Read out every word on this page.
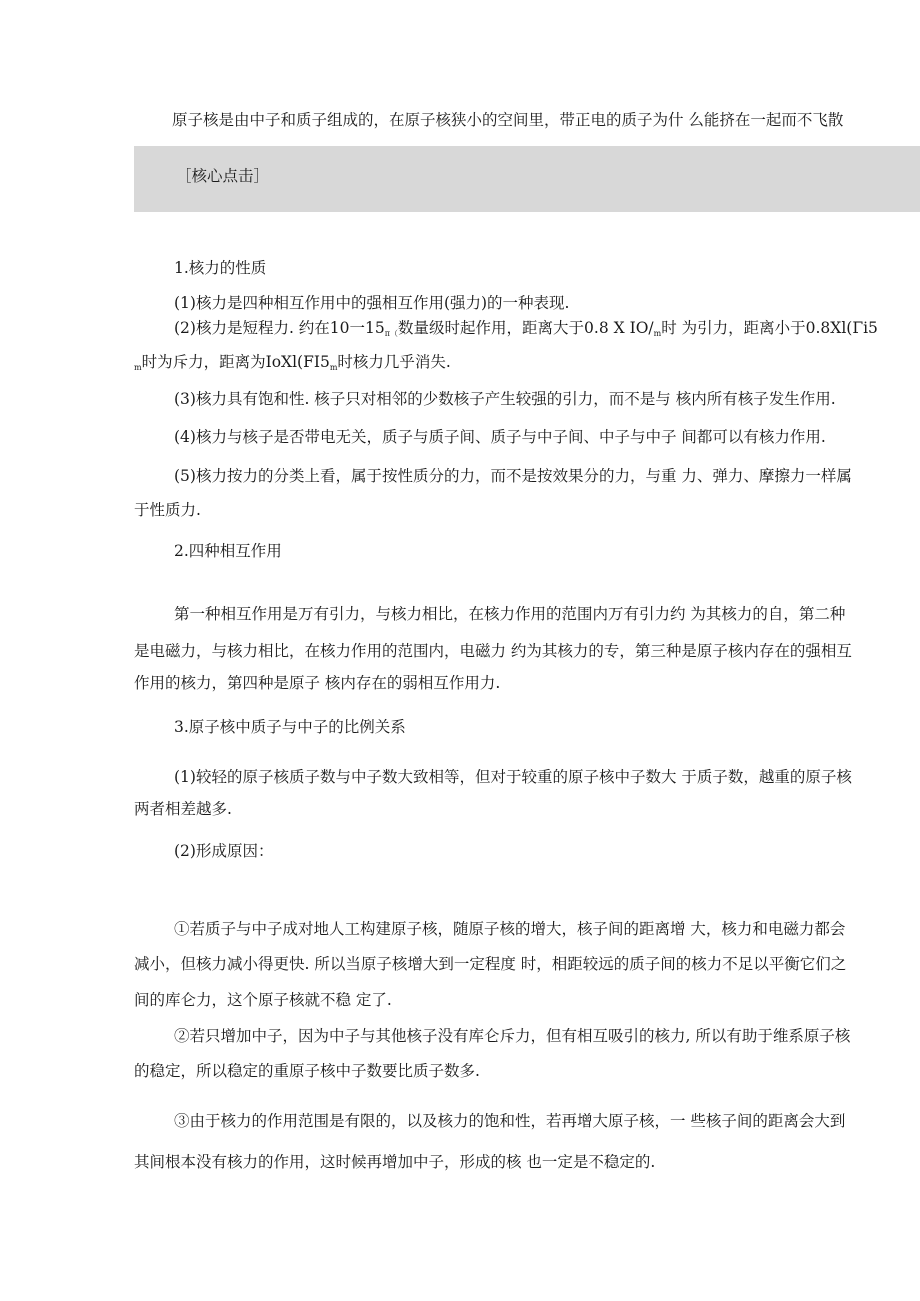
原子核是由中子和质子组成的，在原子核狭小的空间里，带正电的质子为什 么能挤在一起而不飞散
［核心点击］
1.核力的性质
(1)核力是四种相互作用中的强相互作用(强力)的一种表现.
(2)核力是短程力. 约在10一$15_{\pi(}$数量级时起作用，距离大于0.8 X $IO/_m$时 为引力，距离小于0.8Xl(Γi5
$_m$时为斥力，距离为$IoXl(FI5_m$时核力几乎消失.
(3)核力具有饱和性. 核子只对相邻的少数核子产生较强的引力，而不是与 核内所有核子发生作用.
(4)核力与核子是否带电无关，质子与质子间、质子与中子间、中子与中子 间都可以有核力作用.
(5)核力按力的分类上看，属于按性质分的力，而不是按效果分的力，与重 力、弹力、摩擦力一样属
于性质力.
2.四种相互作用
第一种相互作用是万有引力，与核力相比，在核力作用的范围内万有引力约 为其核力的自，第二种
是电磁力，与核力相比，在核力作用的范围内，电磁力 约为其核力的专，第三种是原子核内存在的强相互
作用的核力，第四种是原子 核内存在的弱相互作用力.
3.原子核中质子与中子的比例关系
(1)较轻的原子核质子数与中子数大致相等，但对于较重的原子核中子数大 于质子数，越重的原子核
两者相差越多.
(2)形成原因：
①若质子与中子成对地人工构建原子核，随原子核的增大，核子间的距离增 大，核力和电磁力都会
减小，但核力减小得更快. 所以当原子核增大到一定程度 时，相距较远的质子间的核力不足以平衡它们之
间的库仑力，这个原子核就不稳 定了.
②若只增加中子，因为中子与其他核子没有库仑斥力，但有相互吸引的核力, 所以有助于维系原子核
的稳定，所以稳定的重原子核中子数要比质子数多.
③由于核力的作用范围是有限的，以及核力的饱和性，若再增大原子核，一 些核子间的距离会大到
其间根本没有核力的作用，这时候再增加中子，形成的核 也一定是不稳定的.
